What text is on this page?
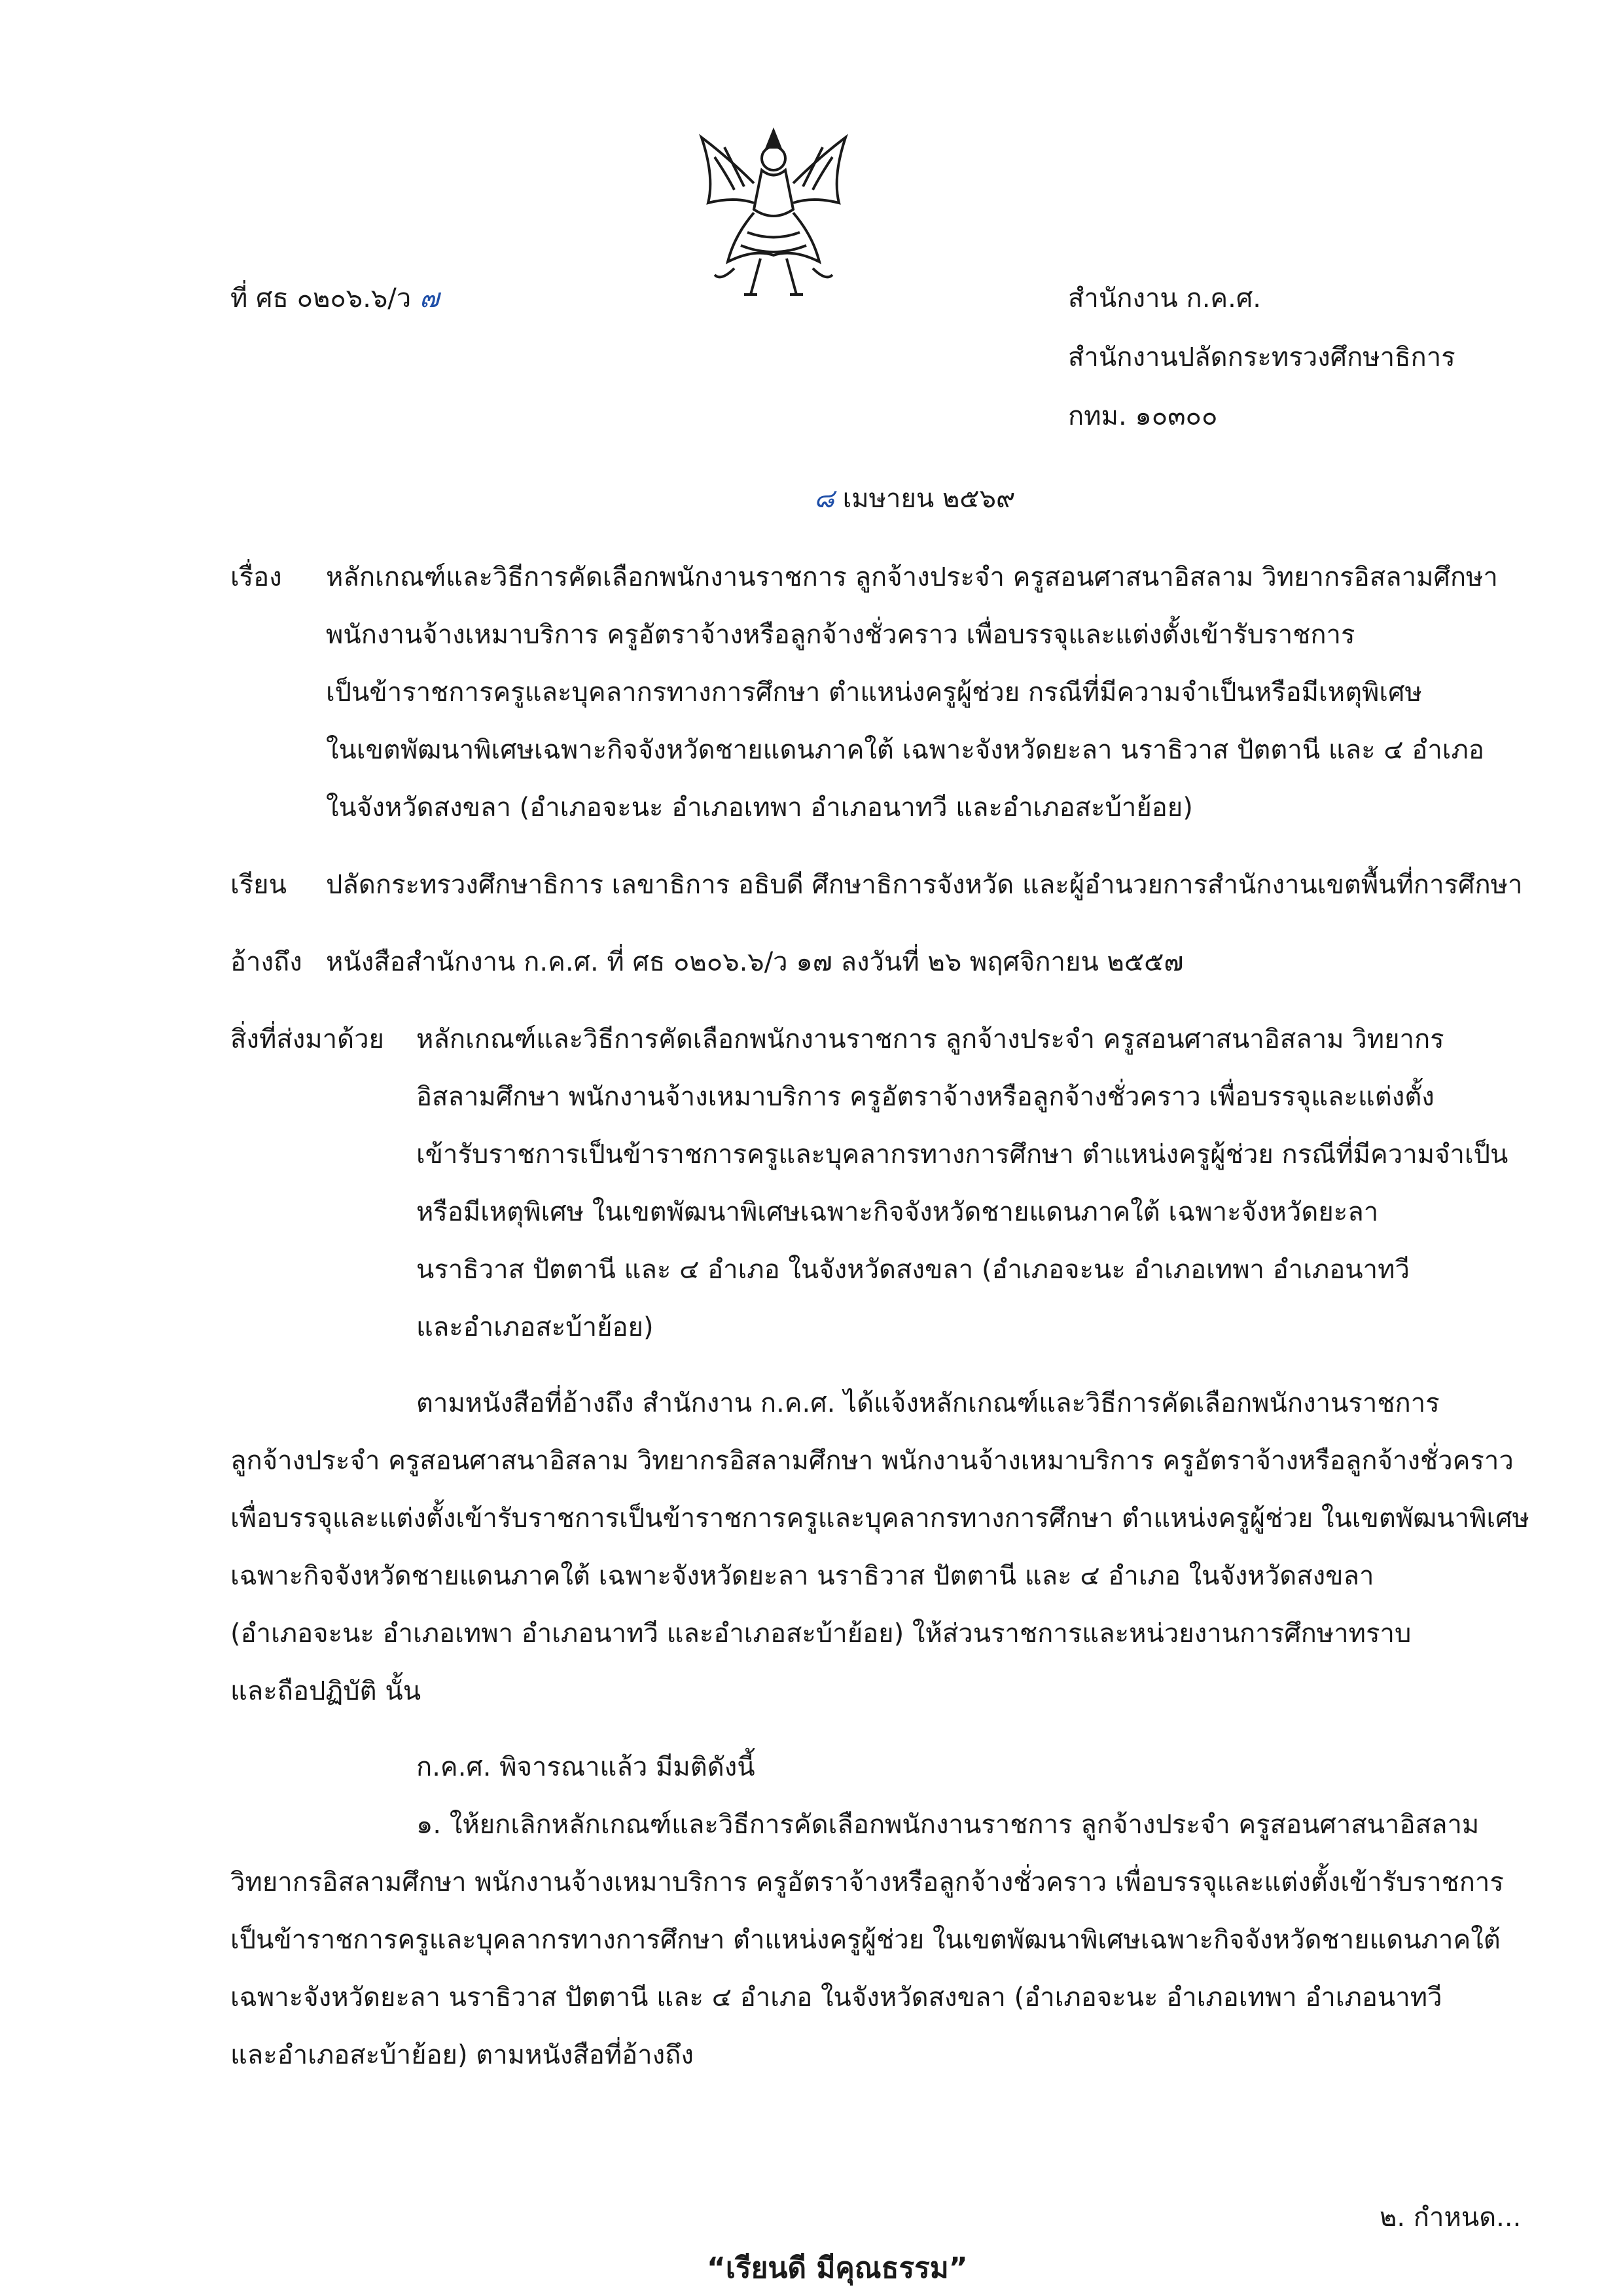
ที่ ศธ ๐๒๐๖.๖/ว ๗	สำนักงาน ก.ค.ศ.
สำนักงานปลัดกระทรวงศึกษาธิการ
กทม. ๑๐๓๐๐
๘ เมษายน ๒๕๖๙
เรื่อง หลักเกณฑ์และวิธีการคัดเลือกพนักงานราชการ ลูกจ้างประจำ ครูสอนศาสนาอิสลาม วิทยากรอิสลามศึกษา
พนักงานจ้างเหมาบริการ ครูอัตราจ้างหรือลูกจ้างชั่วคราว เพื่อบรรจุและแต่งตั้งเข้ารับราชการ
เป็นข้าราชการครูและบุคลากรทางการศึกษา ตำแหน่งครูผู้ช่วย กรณีที่มีความจำเป็นหรือมีเหตุพิเศษ
ในเขตพัฒนาพิเศษเฉพาะกิจจังหวัดชายแดนภาคใต้ เฉพาะจังหวัดยะลา นราธิวาส ปัตตานี และ ๔ อำเภอ
ในจังหวัดสงขลา (อำเภอจะนะ อำเภอเทพา อำเภอนาทวี และอำเภอสะบ้าย้อย)
เรียน ปลัดกระทรวงศึกษาธิการ เลขาธิการ อธิบดี ศึกษาธิการจังหวัด และผู้อำนวยการสำนักงานเขตพื้นที่การศึกษา
อ้างถึง หนังสือสำนักงาน ก.ค.ศ. ที่ ศธ ๐๒๐๖.๖/ว ๑๗ ลงวันที่ ๒๖ พฤศจิกายน ๒๕๕๗
สิ่งที่ส่งมาด้วย หลักเกณฑ์และวิธีการคัดเลือกพนักงานราชการ ลูกจ้างประจำ ครูสอนศาสนาอิสลาม วิทยากร
อิสลามศึกษา พนักงานจ้างเหมาบริการ ครูอัตราจ้างหรือลูกจ้างชั่วคราว เพื่อบรรจุและแต่งตั้ง
เข้ารับราชการเป็นข้าราชการครูและบุคลากรทางการศึกษา ตำแหน่งครูผู้ช่วย กรณีที่มีความจำเป็น
หรือมีเหตุพิเศษ ในเขตพัฒนาพิเศษเฉพาะกิจจังหวัดชายแดนภาคใต้ เฉพาะจังหวัดยะลา
นราธิวาส ปัตตานี และ ๔ อำเภอ ในจังหวัดสงขลา (อำเภอจะนะ อำเภอเทพา อำเภอนาทวี
และอำเภอสะบ้าย้อย)
ตามหนังสือที่อ้างถึง สำนักงาน ก.ค.ศ. ได้แจ้งหลักเกณฑ์และวิธีการคัดเลือกพนักงานราชการ
ลูกจ้างประจำ ครูสอนศาสนาอิสลาม วิทยากรอิสลามศึกษา พนักงานจ้างเหมาบริการ ครูอัตราจ้างหรือลูกจ้างชั่วคราว
เพื่อบรรจุและแต่งตั้งเข้ารับราชการเป็นข้าราชการครูและบุคลากรทางการศึกษา ตำแหน่งครูผู้ช่วย ในเขตพัฒนาพิเศษ
เฉพาะกิจจังหวัดชายแดนภาคใต้ เฉพาะจังหวัดยะลา นราธิวาส ปัตตานี และ ๔ อำเภอ ในจังหวัดสงขลา
(อำเภอจะนะ อำเภอเทพา อำเภอนาทวี และอำเภอสะบ้าย้อย) ให้ส่วนราชการและหน่วยงานการศึกษาทราบ
และถือปฏิบัติ นั้น
ก.ค.ศ. พิจารณาแล้ว มีมติดังนี้
๑. ให้ยกเลิกหลักเกณฑ์และวิธีการคัดเลือกพนักงานราชการ ลูกจ้างประจำ ครูสอนศาสนาอิสลาม
วิทยากรอิสลามศึกษา พนักงานจ้างเหมาบริการ ครูอัตราจ้างหรือลูกจ้างชั่วคราว เพื่อบรรจุและแต่งตั้งเข้ารับราชการ
เป็นข้าราชการครูและบุคลากรทางการศึกษา ตำแหน่งครูผู้ช่วย ในเขตพัฒนาพิเศษเฉพาะกิจจังหวัดชายแดนภาคใต้
เฉพาะจังหวัดยะลา นราธิวาส ปัตตานี และ ๔ อำเภอ ในจังหวัดสงขลา (อำเภอจะนะ อำเภอเทพา อำเภอนาทวี
และอำเภอสะบ้าย้อย) ตามหนังสือที่อ้างถึง
๒. กำหนด...
“เรียนดี มีคุณธรรม”
